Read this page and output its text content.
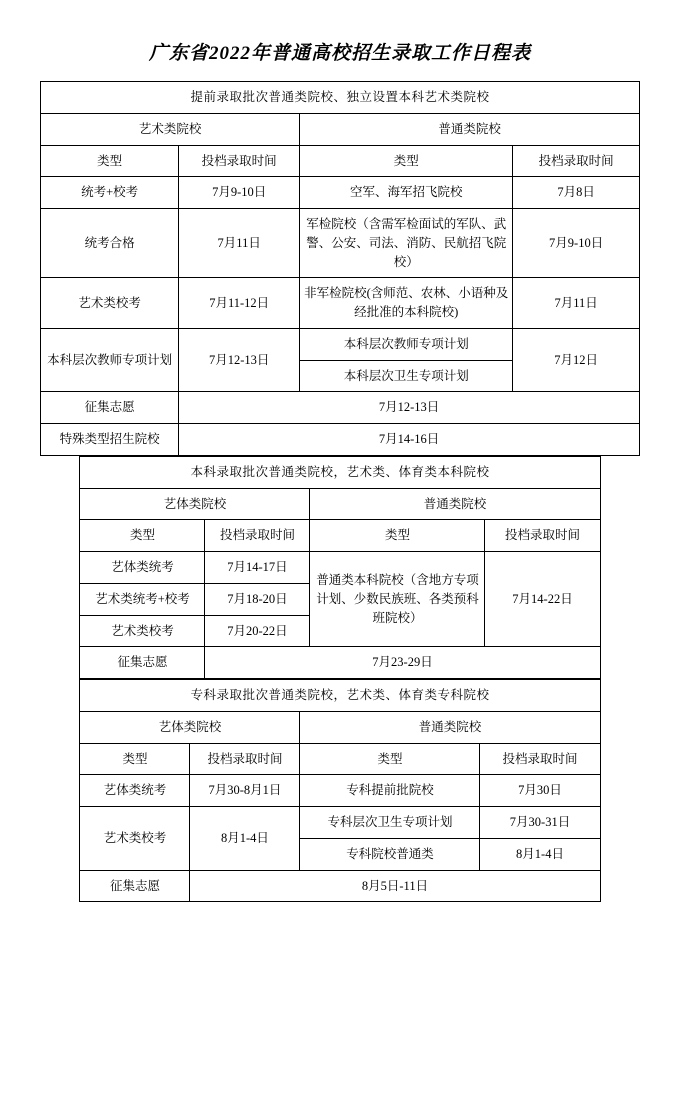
广东省2022年普通高校招生录取工作日程表
提前录取批次普通类院校、独立设置本科艺术类院校			
艺术类院校		普通类院校	
类型	投档录取时间	类型	投档录取时间
统考+校考	7月9-10日	空军、海军招飞院校	7月8日
统考合格	7月11日	军检院校（含需军检面试的军队、武警、公安、司法、消防、民航招飞院校）	7月9-10日
艺术类校考	7月11-12日	非军检院校(含师范、农林、小语种及经批准的本科院校)	7月11日
本科层次教师专项计划	7月12-13日	本科层次教师专项计划	7月12日
		本科层次卫生专项计划	
征集志愿	7月12-13日		
特殊类型招生院校	7月14-16日		
本科录取批次普通类院校，艺术类、体育类本科院校			
艺体类院校		普通类院校	
类型	投档录取时间	类型	投档录取时间
艺体类统考	7月14-17日	普通类本科院校（含地方专项计划、少数民族班、各类预科班院校）	7月14-22日
艺术类统考+校考	7月18-20日		
艺术类校考	7月20-22日		
征集志愿	7月23-29日		
专科录取批次普通类院校，艺术类、体育类专科院校			
艺体类院校		普通类院校	
类型	投档录取时间	类型	投档录取时间
艺体类统考	7月30-8月1日	专科提前批院校	7月30日
艺术类校考	8月1-4日	专科层次卫生专项计划	7月30-31日
		专科院校普通类	8月1-4日
征集志愿	8月5日-11日		
